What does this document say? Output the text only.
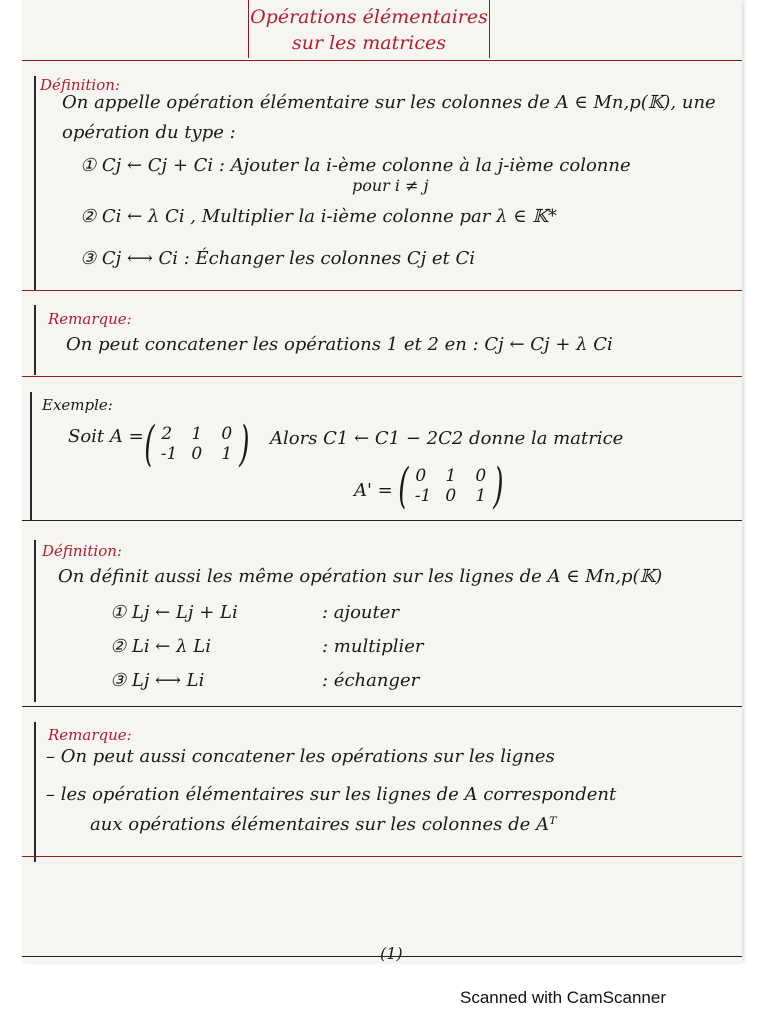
Opérations élémentaires
sur les matrices
Définition:
On appelle opération élémentaire sur les colonnes de A ∈ Mn,p(𝕂), une
opération du type :
① Cj ← Cj + Ci : Ajouter la i-ème colonne à la j-ième colonne
pour i ≠ j
② Ci ← λ Ci , Multiplier la i-ième colonne par λ ∈ 𝕂*
③ Cj ⟷ Ci : Échanger les colonnes Cj et Ci
Remarque:
On peut concatener les opérations 1 et 2 en : Cj ← Cj + λ Ci
Exemple:
Soit A = ( 2 1 0
-1 0 1 ) Alors C1 ← C1 − 2C2 donne la matrice
A' = ( 0 1 0
-1 0 1 )
Définition:
On définit aussi les même opération sur les lignes de A ∈ Mn,p(𝕂)
① Lj ← Lj + Li	: ajouter
② Li ← λ Li	: multiplier
③ Lj ⟷ Li	: échanger
Remarque:
– On peut aussi concatener les opérations sur les lignes
– les opération élémentaires sur les lignes de A correspondent
aux opérations élémentaires sur les colonnes de Aᵀ
(1)
Scanned with CamScanner
